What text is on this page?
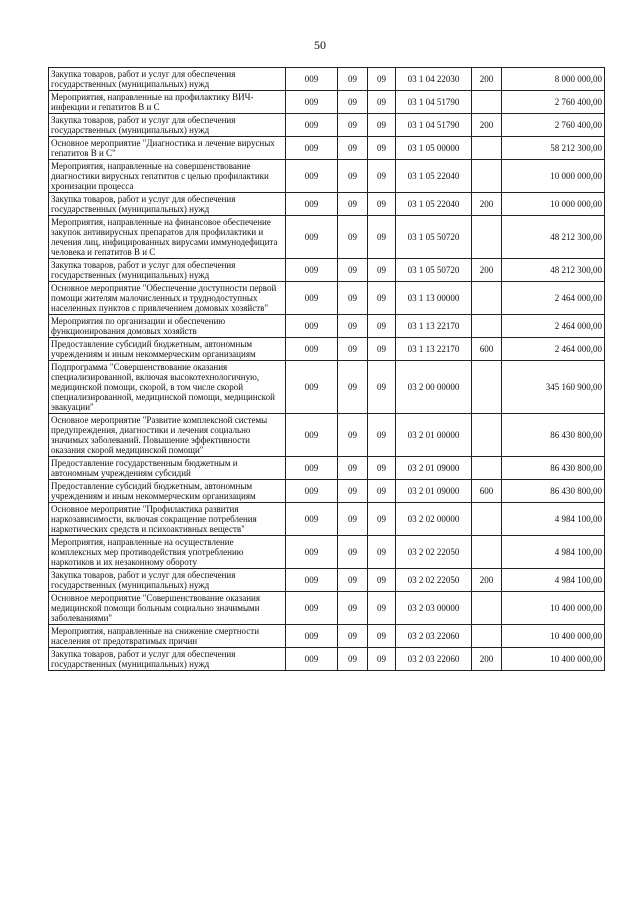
50
Закупка товаров, работ и услуг для обеспечения государственных (муниципальных) нужд	009	09	09	03 1 04 22030	200	8 000 000,00
Мероприятия, направленные на профилактику ВИЧ-инфекции и гепатитов В и С	009	09	09	03 1 04 51790		2 760 400,00
Закупка товаров, работ и услуг для обеспечения государственных (муниципальных) нужд	009	09	09	03 1 04 51790	200	2 760 400,00
Основное мероприятие "Диагностика и лечение вирусных гепатитов В и С"	009	09	09	03 1 05 00000		58 212 300,00
Мероприятия, направленные на совершенствование диагностики вирусных гепатитов с целью профилактики хронизации процесса	009	09	09	03 1 05 22040		10 000 000,00
Закупка товаров, работ и услуг для обеспечения государственных (муниципальных) нужд	009	09	09	03 1 05 22040	200	10 000 000,00
Мероприятия, направленные на финансовое обеспечение закупок антивирусных препаратов для профилактики и лечения лиц, инфицированных вирусами иммунодефицита человека и гепатитов В и С	009	09	09	03 1 05 50720		48 212 300,00
Закупка товаров, работ и услуг для обеспечения государственных (муниципальных) нужд	009	09	09	03 1 05 50720	200	48 212 300,00
Основное мероприятие "Обеспечение доступности первой помощи жителям малочисленных и труднодоступных населенных пунктов с привлечением домовых хозяйств"	009	09	09	03 1 13 00000		2 464 000,00
Мероприятия по организации и обеспечению функционирования домовых хозяйств	009	09	09	03 1 13 22170		2 464 000,00
Предоставление субсидий бюджетным, автономным учреждениям и иным некоммерческим организациям	009	09	09	03 1 13 22170	600	2 464 000,00
Подпрограмма "Совершенствование оказания специализированной, включая высокотехнологичную, медицинской помощи, скорой, в том числе скорой специализированной, медицинской помощи, медицинской эвакуации"	009	09	09	03 2 00 00000		345 160 900,00
Основное мероприятие "Развитие комплексной системы предупреждения, диагностики и лечения социально значимых заболеваний. Повышение эффективности оказания скорой медицинской помощи"	009	09	09	03 2 01 00000		86 430 800,00
Предоставление государственным бюджетным и автономным учреждениям субсидий	009	09	09	03 2 01 09000		86 430 800,00
Предоставление субсидий бюджетным, автономным учреждениям и иным некоммерческим организациям	009	09	09	03 2 01 09000	600	86 430 800,00
Основное мероприятие "Профилактика развития наркозависимости, включая сокращение потребления наркотических средств и психоактивных веществ"	009	09	09	03 2 02 00000		4 984 100,00
Мероприятия, направленные на осуществление комплексных мер противодействия употреблению наркотиков и их незаконному обороту	009	09	09	03 2 02 22050		4 984 100,00
Закупка товаров, работ и услуг для обеспечения государственных (муниципальных) нужд	009	09	09	03 2 02 22050	200	4 984 100,00
Основное мероприятие "Совершенствование оказания медицинской помощи больным социально значимыми заболеваниями"	009	09	09	03 2 03 00000		10 400 000,00
Мероприятия, направленные на снижение смертности населения от предотвратимых причин	009	09	09	03 2 03 22060		10 400 000,00
Закупка товаров, работ и услуг для обеспечения государственных (муниципальных) нужд	009	09	09	03 2 03 22060	200	10 400 000,00
